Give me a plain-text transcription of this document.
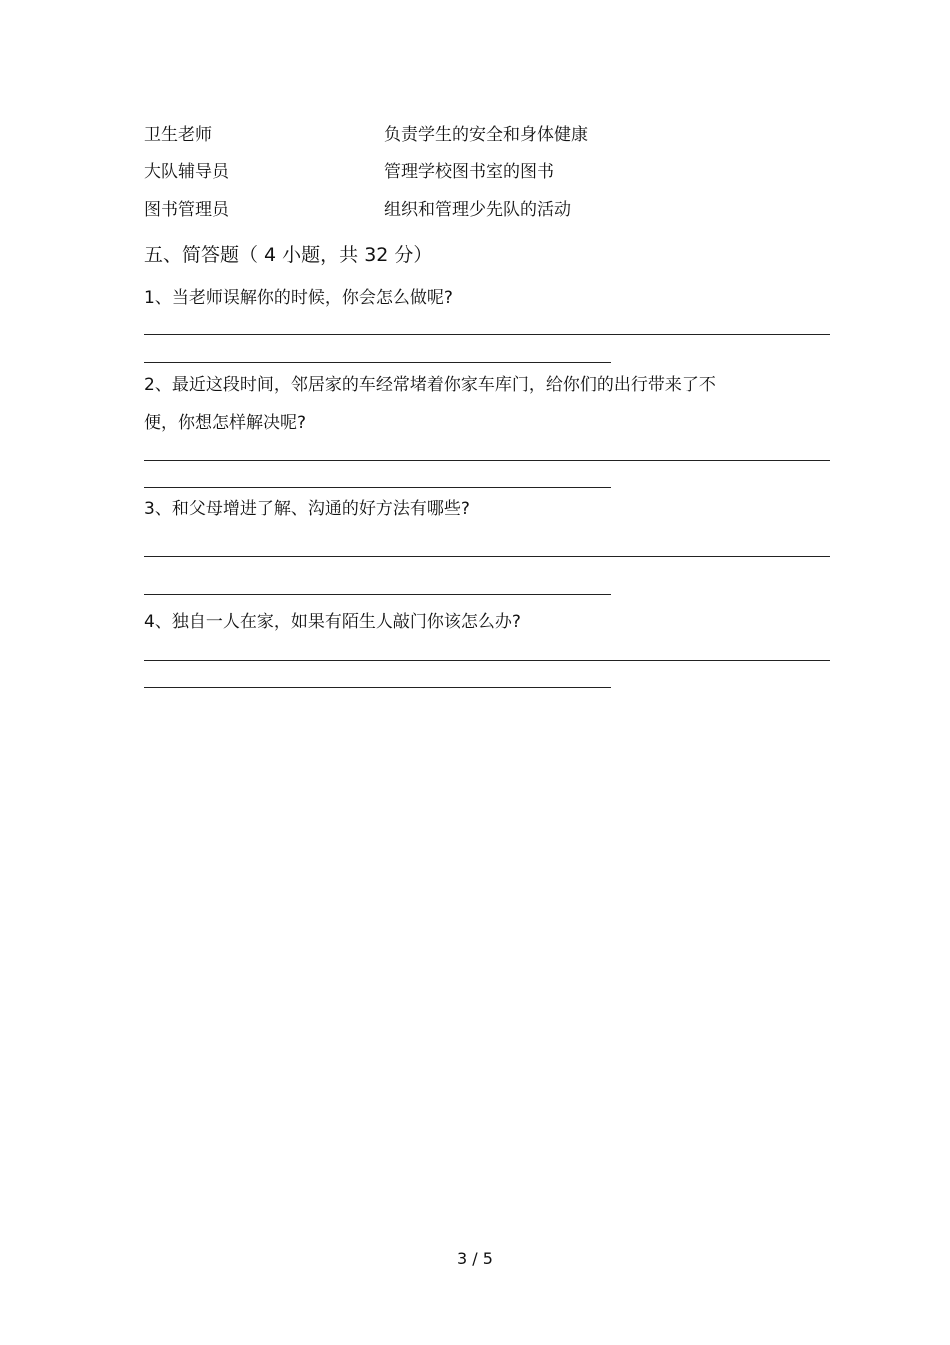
卫生老师	负责学生的安全和身体健康
大队辅导员	管理学校图书室的图书
图书管理员	组织和管理少先队的活动
五、简答题（ 4 小题，共 32 分）
1、当老师误解你的时候，你会怎么做呢?
2、最近这段时间，邻居家的车经常堵着你家车库门，给你们的出行带来了不
便，你想怎样解决呢?
3、和父母增进了解、沟通的好方法有哪些?
4、独自一人在家，如果有陌生人敲门你该怎么办?
3 / 5
